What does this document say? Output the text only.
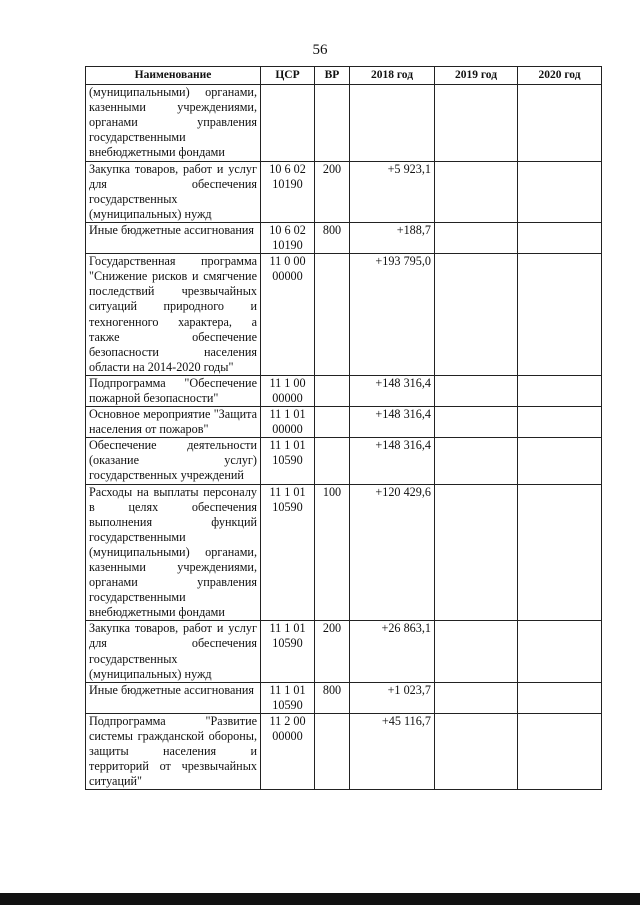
56
Наименование	ЦСР	ВР	2018 год	2019 год	2020 год
(муниципальными) органами, казенными учреждениями, органами управления государственными внебюджетными фондами					
Закупка товаров, работ и услуг для обеспечения государственных (муниципальных) нужд	10 6 02 10190	200	+5 923,1		
Иные бюджетные ассигнования	10 6 02 10190	800	+188,7		
Государственная программа "Снижение рисков и смягчение последствий чрезвычайных ситуаций природного и техногенного характера, а также обеспечение безопасности населения области на 2014-2020 годы"	11 0 00 00000		+193 795,0		
Подпрограмма "Обеспечение пожарной безопасности"	11 1 00 00000		+148 316,4		
Основное мероприятие "Защита населения от пожаров"	11 1 01 00000		+148 316,4		
Обеспечение деятельности (оказание услуг) государственных учреждений	11 1 01 10590		+148 316,4		
Расходы на выплаты персоналу в целях обеспечения выполнения функций государственными (муниципальными) органами, казенными учреждениями, органами управления государственными внебюджетными фондами	11 1 01 10590	100	+120 429,6		
Закупка товаров, работ и услуг для обеспечения государственных (муниципальных) нужд	11 1 01 10590	200	+26 863,1		
Иные бюджетные ассигнования	11 1 01 10590	800	+1 023,7		
Подпрограмма "Развитие системы гражданской обороны, защиты населения и территорий от чрезвычайных ситуаций"	11 2 00 00000		+45 116,7		
